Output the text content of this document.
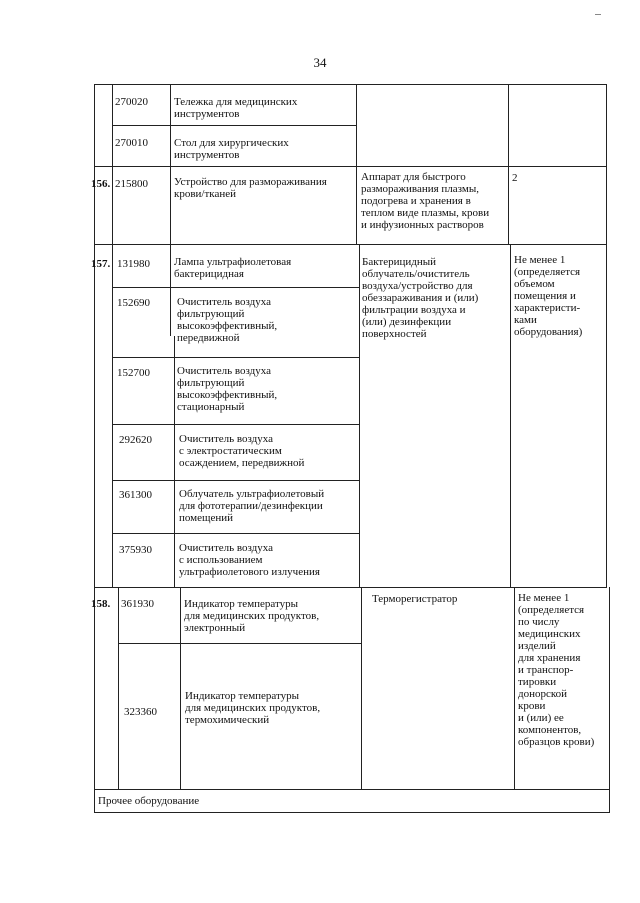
34
270020 Тележка для медицинских
инструментов
270010 Стол для хирургических
инструментов
156. 215800 Устройство для размораживания
крови/тканей
Аппарат для быстрого
размораживания плазмы,
подогрева и хранения в
теплом виде плазмы, крови
и инфузионных растворов
2
157. 131980 Лампа ультрафиолетовая
бактерицидная
Бактерицидный
облучатель/очиститель
воздуха/устройство для
обеззараживания и (или)
фильтрации воздуха и
(или) дезинфекции
поверхностей
Не менее 1
(определяется
объемом
помещения и
характеристи-
ками
оборудования)
152690 Очиститель воздуха
фильтрующий
высокоэффективный,
передвижной
152700 Очиститель воздуха
фильтрующий
высокоэффективный,
стационарный
292620 Очиститель воздуха
с электростатическим
осаждением, передвижной
361300 Облучатель ультрафиолетовый
для фототерапии/дезинфекции
помещений
375930 Очиститель воздуха
с использованием
ультрафиолетового излучения
158. 361930	Индикатор температуры
для медицинских продуктов,
электронный
Терморегистратор	Не менее 1
(определяется
по числу
медицинских
изделий
для хранения
и транспор-
тировки
донорской
крови
и (или) ее
компонентов,
образцов крови)
323360
Индикатор температуры
для медицинских продуктов,
термохимический
Прочее оборудование
